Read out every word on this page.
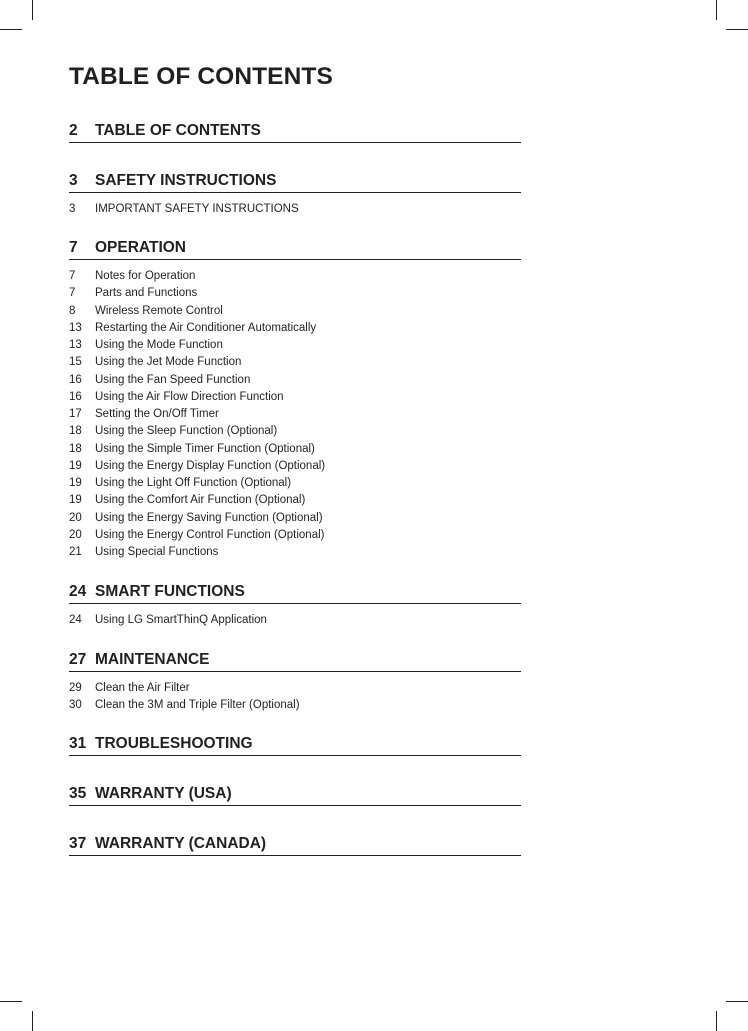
TABLE OF CONTENTS
2 TABLE OF CONTENTS
3 SAFETY INSTRUCTIONS
3 IMPORTANT SAFETY INSTRUCTIONS
7 OPERATION
7 Notes for Operation
7 Parts and Functions
8 Wireless Remote Control
13 Restarting the Air Conditioner Automatically
13 Using the Mode Function
15 Using the Jet Mode Function
16 Using the Fan Speed Function
16 Using the Air Flow Direction Function
17 Setting the On/Off Timer
18 Using the Sleep Function (Optional)
18 Using the Simple Timer Function (Optional)
19 Using the Energy Display Function (Optional)
19 Using the Light Off Function (Optional)
19 Using the Comfort Air Function (Optional)
20 Using the Energy Saving Function (Optional)
20 Using the Energy Control Function (Optional)
21 Using Special Functions
24 SMART FUNCTIONS
24 Using LG SmartThinQ Application
27 MAINTENANCE
29 Clean the Air Filter
30 Clean the 3M and Triple Filter (Optional)
31 TROUBLESHOOTING
35 WARRANTY (USA)
37 WARRANTY (CANADA)
